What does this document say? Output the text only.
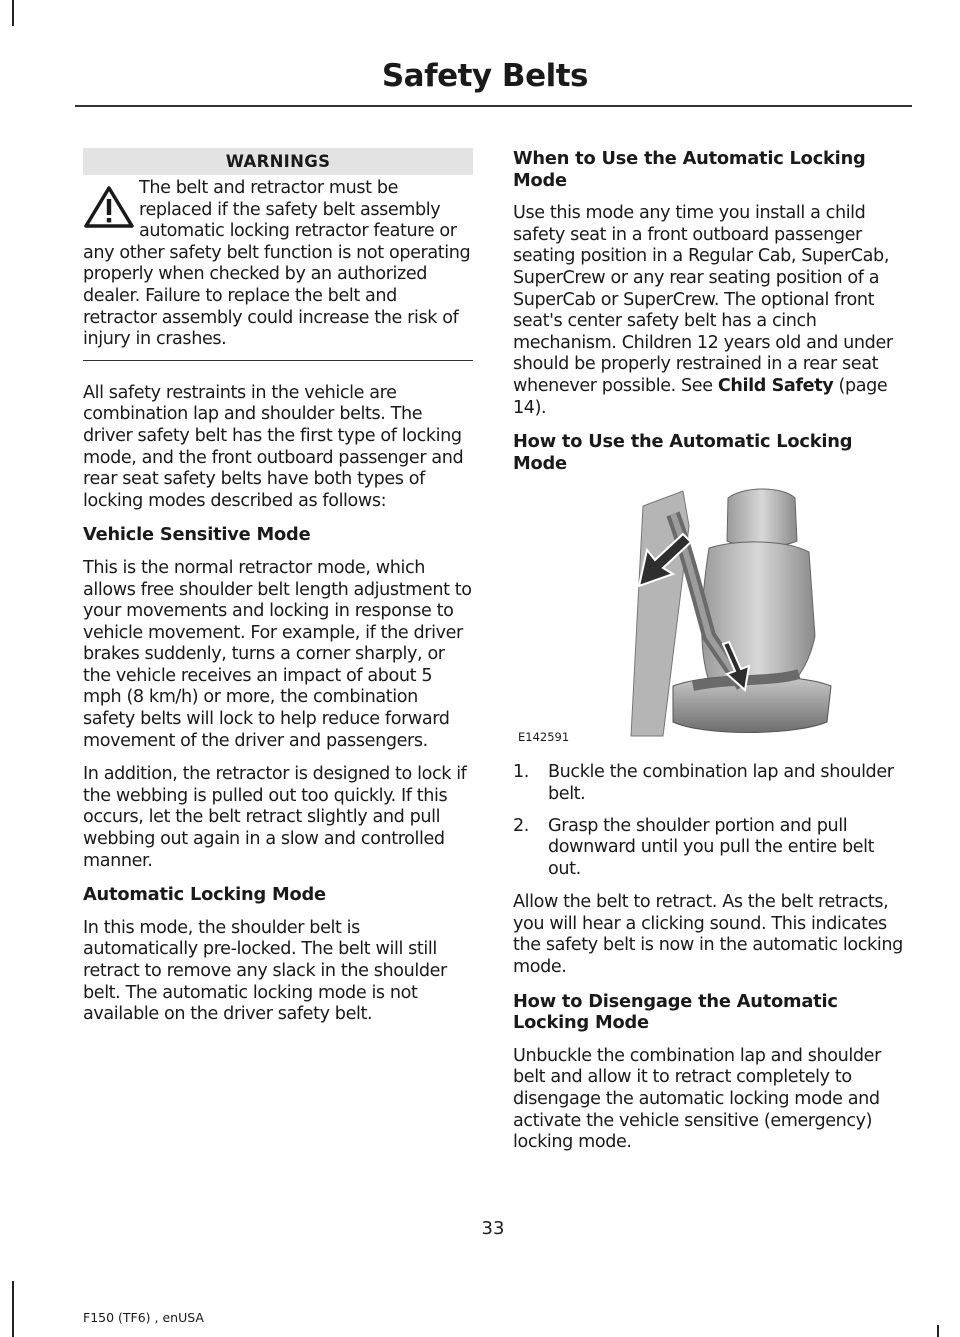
Safety Belts
WARNINGS

The belt and retractor must be replaced if the safety belt assembly automatic locking retractor feature or any other safety belt function is not operating properly when checked by an authorized dealer. Failure to replace the belt and retractor assembly could increase the risk of injury in crashes.

All safety restraints in the vehicle are combination lap and shoulder belts. The driver safety belt has the first type of locking mode, and the front outboard passenger and rear seat safety belts have both types of locking modes described as follows:

Vehicle Sensitive Mode

This is the normal retractor mode, which allows free shoulder belt length adjustment to your movements and locking in response to vehicle movement. For example, if the driver brakes suddenly, turns a corner sharply, or the vehicle receives an impact of about 5 mph (8 km/h) or more, the combination safety belts will lock to help reduce forward movement of the driver and passengers.

In addition, the retractor is designed to lock if the webbing is pulled out too quickly. If this occurs, let the belt retract slightly and pull webbing out again in a slow and controlled manner.

Automatic Locking Mode

In this mode, the shoulder belt is automatically pre-locked. The belt will still retract to remove any slack in the shoulder belt. The automatic locking mode is not available on the driver safety belt.

When to Use the Automatic Locking Mode

Use this mode any time you install a child safety seat in a front outboard passenger seating position in a Regular Cab, SuperCab, SuperCrew or any rear seating position of a SuperCab or SuperCrew. The optional front seat's center safety belt has a cinch mechanism. Children 12 years old and under should be properly restrained in a rear seat whenever possible. See Child Safety (page 14).

How to Use the Automatic Locking Mode
E142591
1. Buckle the combination lap and shoulder belt.
2. Grasp the shoulder portion and pull downward until you pull the entire belt out.

Allow the belt to retract. As the belt retracts, you will hear a clicking sound. This indicates the safety belt is now in the automatic locking mode.

How to Disengage the Automatic Locking Mode

Unbuckle the combination lap and shoulder belt and allow it to retract completely to disengage the automatic locking mode and activate the vehicle sensitive (emergency) locking mode.

33
F150 (TF6) , enUSA
